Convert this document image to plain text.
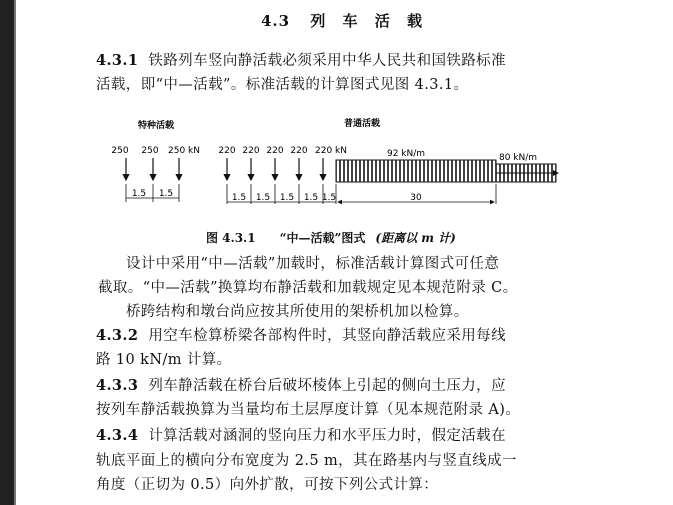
4.3 列 车 活 载
4.3.1 铁路列车竖向静活载必须采用中华人民共和国铁路标准
活载，即“中—活载”。标准活载的计算图式见图 4.3.1。
特种活载	普通活载
250 250 250 kN
1.5 1.5
220 220 220 220 220 kN	92 kN/m	80 kN/m
1.5 1.5 1.5 1.5 1.5	30
图 4.3.1 “中—活载”图式 (距离以 m 计)
设计中采用“中—活载”加载时，标准活载计算图式可任意
截取。“中—活载”换算均布静活载和加载规定见本规范附录 C。
桥跨结构和墩台尚应按其所使用的架桥机加以检算。
4.3.2 用空车检算桥梁各部构件时，其竖向静活载应采用每线
路 10 kN/m 计算。
4.3.3 列车静活载在桥台后破坏棱体上引起的侧向土压力，应
按列车静活载换算为当量均布土层厚度计算（见本规范附录 A)。
4.3.4 计算活载对涵洞的竖向压力和水平压力时，假定活载在
轨底平面上的横向分布宽度为 2.5 m，其在路基内与竖直线成一
角度（正切为 0.5）向外扩散，可按下列公式计算：
